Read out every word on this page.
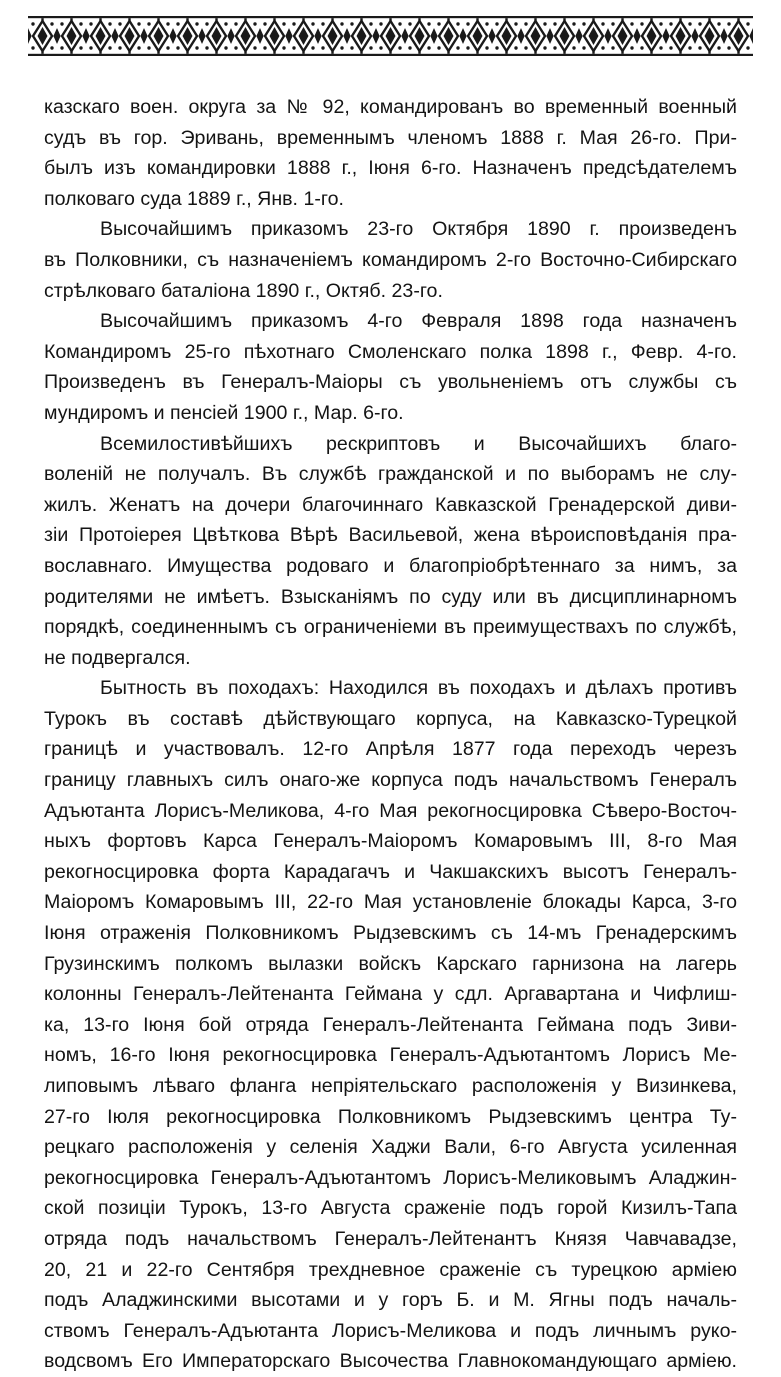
казскаго воен. округа за № 92, командированъ во временный военный
судъ въ гор. Эривань, временнымъ членомъ 1888 г. Мая 26-го. При-
былъ изъ командировки 1888 г., Іюня 6-го. Назначенъ предсѣдателемъ
полковаго суда 1889 г., Янв. 1-го.
Высочайшимъ приказомъ 23-го Октября 1890 г. произведенъ
въ Полковники, съ назначеніемъ командиромъ 2-го Восточно-Сибирскаго
стрѣлковаго баталіона 1890 г., Октяб. 23-го.
Высочайшимъ приказомъ 4-го Февраля 1898 года назначенъ
Командиромъ 25-го пѣхотнаго Смоленскаго полка 1898 г., Февр. 4-го.
Произведенъ въ Генералъ-Маіоры съ увольненіемъ отъ службы съ
мундиромъ и пенсіей 1900 г., Мар. 6-го.
Всемилостивѣйшихъ рескриптовъ и Высочайшихъ благо-
воленій не получалъ. Въ службѣ гражданской и по выборамъ не слу-
жилъ. Женатъ на дочери благочиннаго Кавказской Гренадерской диви-
зіи Протоіерея Цвѣткова Вѣрѣ Васильевой, жена вѣроисповѣданія пра-
вославнаго. Имущества родоваго и благопріобрѣтеннаго за нимъ, за
родителями не имѣетъ. Взысканіямъ по суду или въ дисциплинарномъ
порядкѣ, соединеннымъ съ ограниченіеми въ преимуществахъ по службѣ,
не подвергался.
Бытность въ походахъ: Находился въ походахъ и дѣлахъ противъ
Турокъ въ составѣ дѣйствующаго корпуса, на Кавказско-Турецкой
границѣ и участвовалъ. 12-го Апрѣля 1877 года переходъ черезъ
границу главныхъ силъ онаго-же корпуса подъ начальствомъ Генералъ
Адъютанта Лорисъ-Меликова, 4-го Мая рекогносцировка Сѣверо-Восточ-
ныхъ фортовъ Карса Генералъ-Маіоромъ Комаровымъ III, 8-го Мая
рекогносцировка форта Карадагачъ и Чакшакскихъ высотъ Генералъ-
Маіоромъ Комаровымъ III, 22-го Мая установленіе блокады Карса, 3-го
Іюня отраженія Полковникомъ Рыдзевскимъ съ 14-мъ Гренадерскимъ
Грузинскимъ полкомъ вылазки войскъ Карскаго гарнизона на лагерь
колонны Генералъ-Лейтенанта Геймана у сдл. Аргавартана и Чифлиш-
ка, 13-го Іюня бой отряда Генералъ-Лейтенанта Геймана подъ Зиви-
номъ, 16-го Іюня рекогносцировка Генералъ-Адъютантомъ Лорисъ Ме-
липовымъ лѣваго фланга непріятельскаго расположенія у Визинкева,
27-го Іюля рекогносцировка Полковникомъ Рыдзевскимъ центра Ту-
рецкаго расположенія у селенія Хаджи Вали, 6-го Августа усиленная
рекогносцировка Генералъ-Адъютантомъ Лорисъ-Меликовымъ Аладжин-
ской позиціи Турокъ, 13-го Августа сраженіе подъ горой Кизилъ-Тапа
отряда подъ начальствомъ Генералъ-Лейтенантъ Князя Чавчавадзе,
20, 21 и 22-го Сентября трехдневное сраженіе съ турецкою арміею
подъ Аладжинскими высотами и у горъ Б. и М. Ягны подъ началь-
ствомъ Генералъ-Адъютанта Лорисъ-Меликова и подъ личнымъ руко-
водсвомъ Его Императорскаго Высочества Главнокомандующаго арміею.
